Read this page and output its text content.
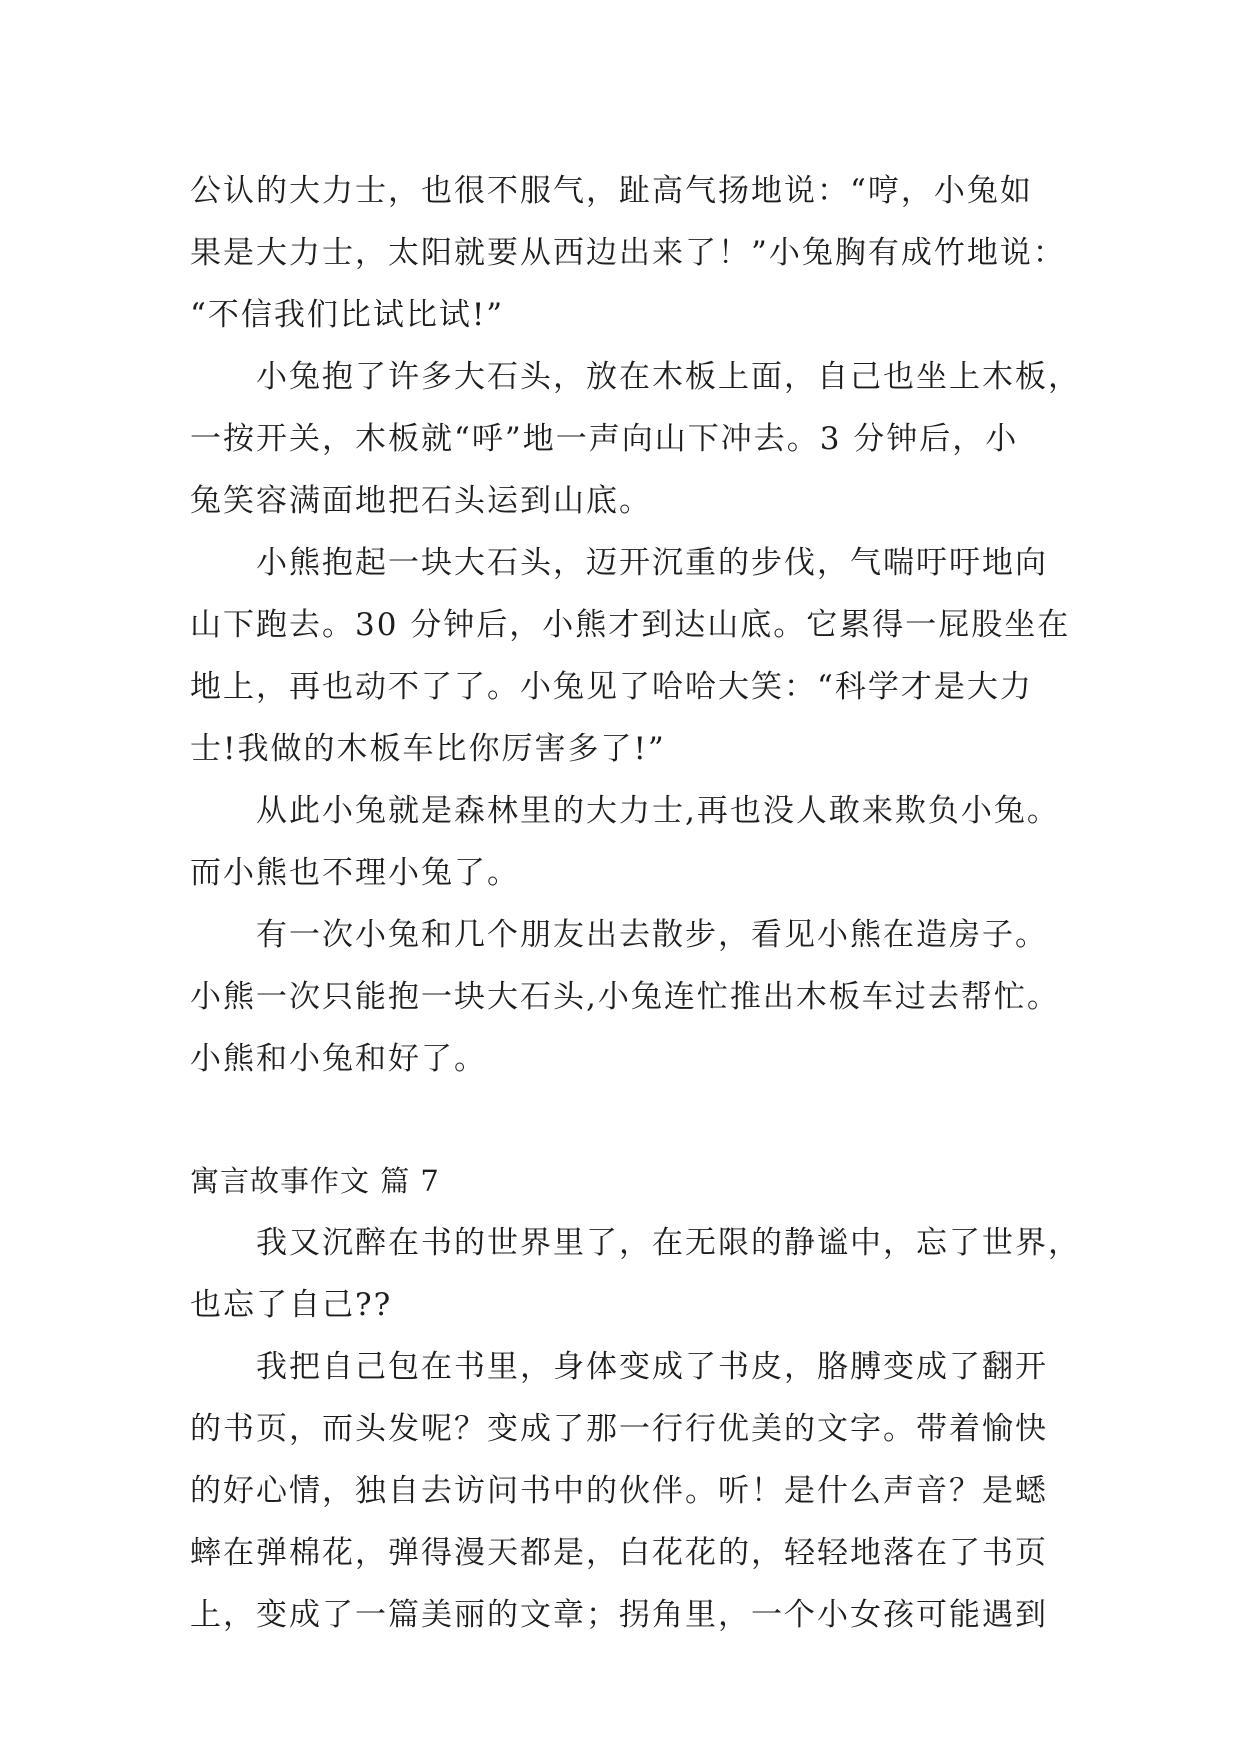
公认的大力士，也很不服气，趾高气扬地说：“哼，小兔如
果是大力士，太阳就要从西边出来了！”小兔胸有成竹地说：
“不信我们比试比试!”
　　小兔抱了许多大石头，放在木板上面，自己也坐上木板，
一按开关，木板就“呼”地一声向山下冲去。3 分钟后，小
兔笑容满面地把石头运到山底。
　　小熊抱起一块大石头，迈开沉重的步伐，气喘吁吁地向
山下跑去。30 分钟后，小熊才到达山底。它累得一屁股坐在
地上，再也动不了了。小兔见了哈哈大笑：“科学才是大力
士!我做的木板车比你厉害多了!”
　　从此小兔就是森林里的大力士,再也没人敢来欺负小兔。
而小熊也不理小兔了。
　　有一次小兔和几个朋友出去散步，看见小熊在造房子。
小熊一次只能抱一块大石头,小兔连忙推出木板车过去帮忙。
小熊和小兔和好了。
寓言故事作文 篇 7
　　我又沉醉在书的世界里了，在无限的静谧中，忘了世界，
也忘了自己??
　　我把自己包在书里，身体变成了书皮，胳膊变成了翻开
的书页，而头发呢？变成了那一行行优美的文字。带着愉快
的好心情，独自去访问书中的伙伴。听！是什么声音？是蟋
蟀在弹棉花，弹得漫天都是，白花花的，轻轻地落在了书页
上，变成了一篇美丽的文章；拐角里，一个小女孩可能遇到
